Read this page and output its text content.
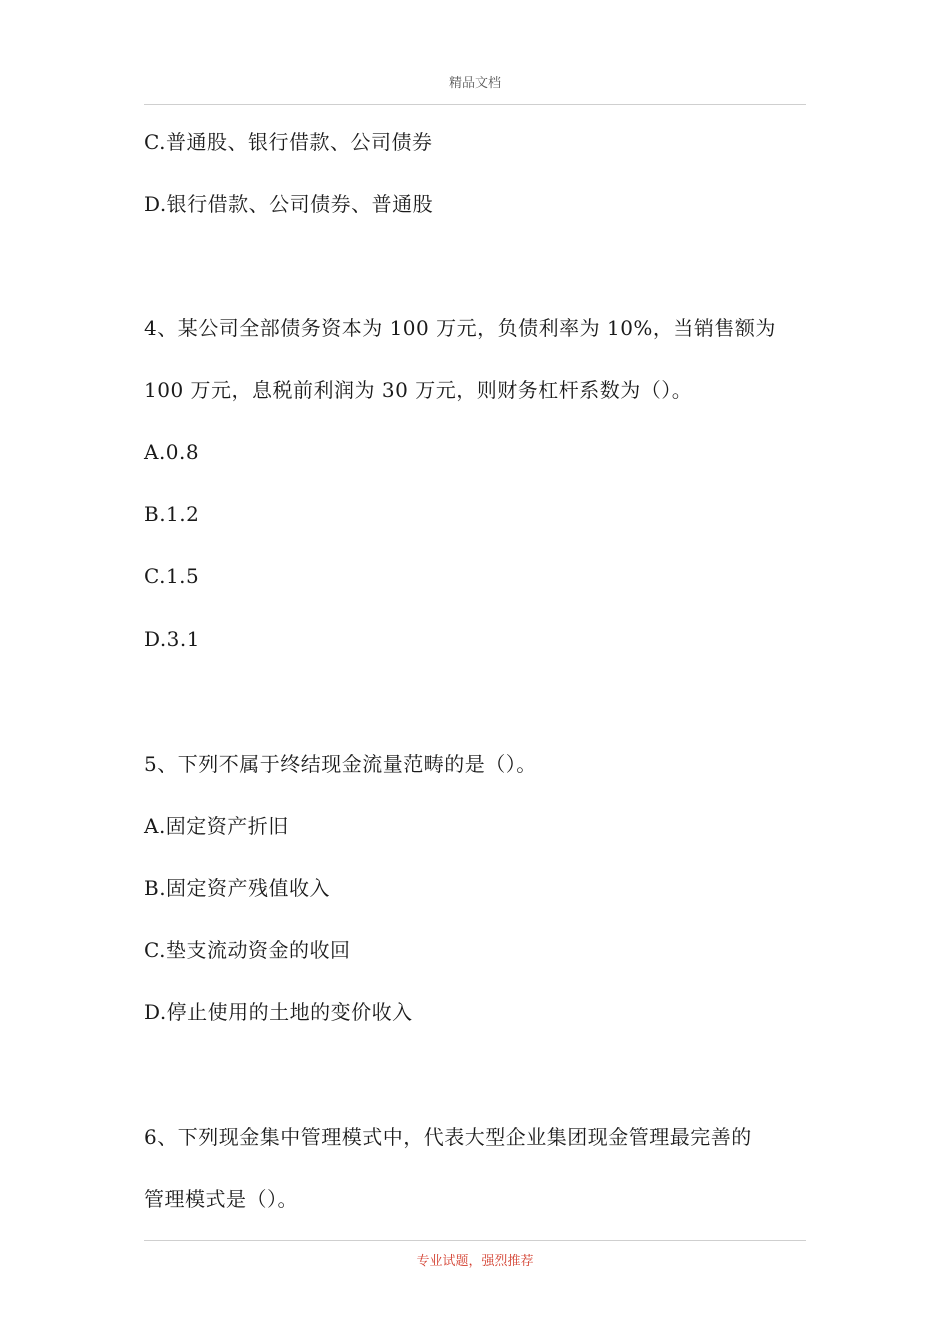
精品文档
C.普通股、银行借款、公司债券
D.银行借款、公司债券、普通股
4、某公司全部债务资本为 100 万元，负债利率为 10%，当销售额为
100 万元，息税前利润为 30 万元，则财务杠杆系数为（）。
A.0.8
B.1.2
C.1.5
D.3.1
5、下列不属于终结现金流量范畴的是（）。
A.固定资产折旧
B.固定资产残值收入
C.垫支流动资金的收回
D.停止使用的土地的变价收入
6、下列现金集中管理模式中，代表大型企业集团现金管理最完善的
管理模式是（）。
专业试题，强烈推荐
